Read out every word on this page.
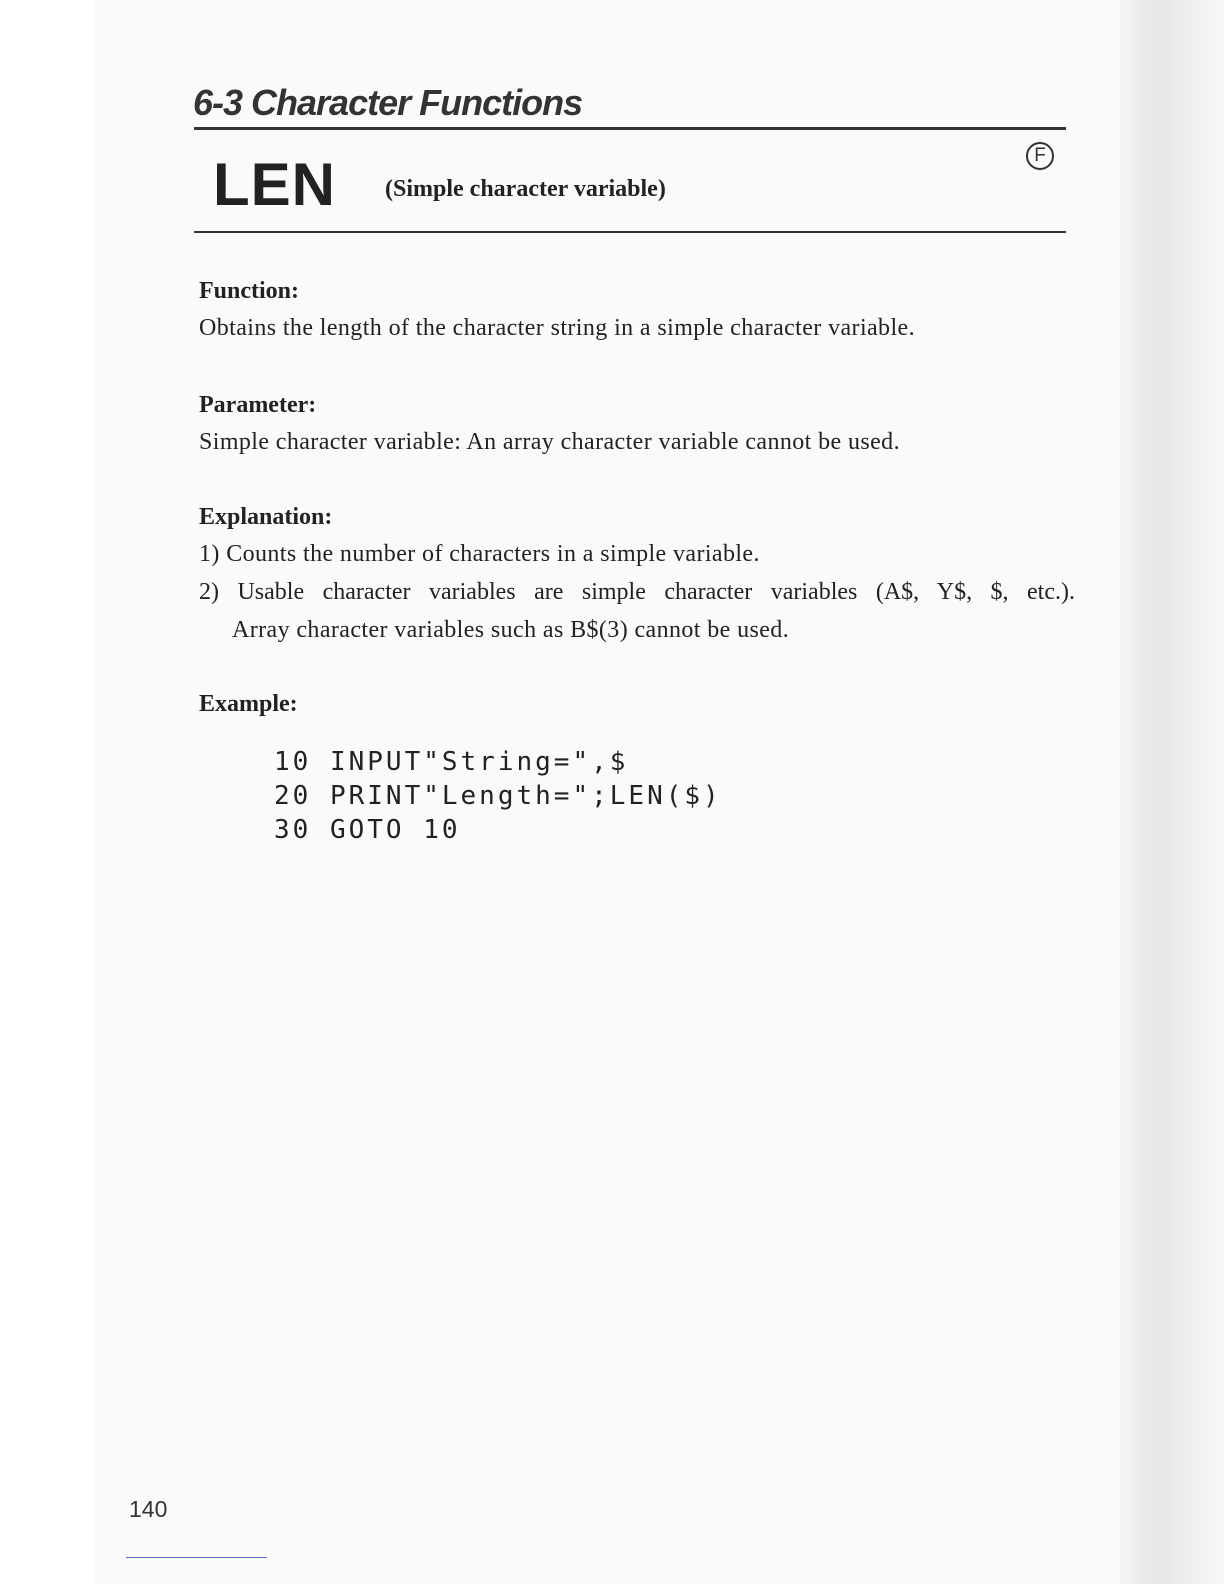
6-3 Character Functions
LEN (Simple character variable)
F
Function:

Obtains the length of the character string in a simple character variable.

Parameter:

Simple character variable: An array character variable cannot be used.

Explanation:

1) Counts the number of characters in a simple variable.

2) Usable character variables are simple character variables (A$, Y$, $, etc.).

Array character variables such as B$(3) cannot be used.

Example:
10 INPUT"String=",$
20 PRINT"Length=";LEN($)
30 GOTO 10
140
